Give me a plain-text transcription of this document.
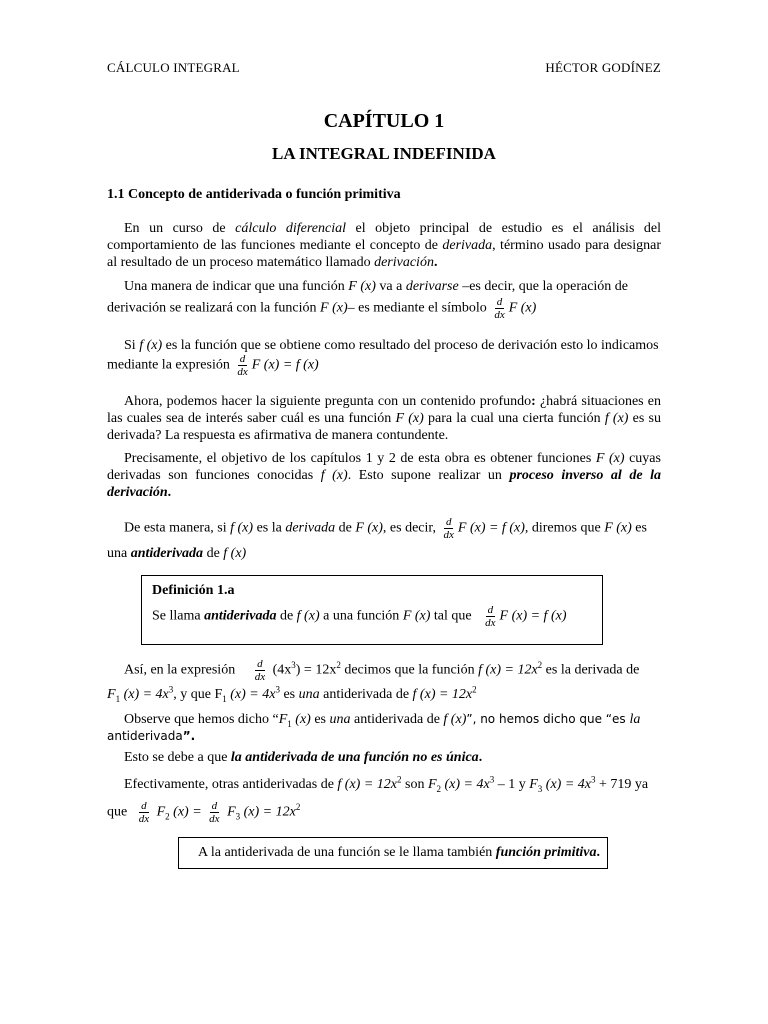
CÁLCULO INTEGRAL	HÉCTOR GODÍNEZ
CAPÍTULO 1
LA INTEGRAL INDEFINIDA
1.1 Concepto de antiderivada o función primitiva
En un curso de cálculo diferencial el objeto principal de estudio es el análisis del comportamiento de las funciones mediante el concepto de derivada, término usado para designar al resultado de un proceso matemático llamado derivación.
Una manera de indicar que una función F (x) va a derivarse –es decir, que la operación de
derivación se realizará con la función F (x)– es mediante el símbolo $\frac{d}{dx}$ F (x)
Si f (x) es la función que se obtiene como resultado del proceso de derivación esto lo indicamos
mediante la expresión $\frac{d}{dx}$ F (x) = f (x)
Ahora, podemos hacer la siguiente pregunta con un contenido profundo: ¿habrá situaciones en las cuales sea de interés saber cuál es una función F (x) para la cual una cierta función f (x) es su derivada? La respuesta es afirmativa de manera contundente.
Precisamente, el objetivo de los capítulos 1 y 2 de esta obra es obtener funciones F (x) cuyas derivadas son funciones conocidas f (x). Esto supone realizar un proceso inverso al de la derivación.
De esta manera, si f (x) es la derivada de F (x), es decir, $\frac{d}{dx}$ F (x) = f (x), diremos que F (x) es
una antiderivada de f (x)
Definición 1.a
Se llama antiderivada de f (x) a una función F (x) tal que $\frac{d}{dx}$ F (x) = f (x)
Así, en la expresión $\frac{d}{dx} (4x^3) = 12x^2$ decimos que la función f $(x) = 12x^2$ es la derivada de
$F_1$ $(x) = 4x^3$, y que $F_1$ $(x) = 4x^3$ es una antiderivada de f $(x) = 12x^2$
Observe que hemos dicho “$F_1$ (x) es una antiderivada de f (x)”, no hemos dicho que “es la
antiderivada”.
Esto se debe a que la antiderivada de una función no es única.
Efectivamente, otras antiderivadas de f $(x) = 12x^2$ son $F_2$ $(x) = 4x^3 - 1$ y $F_3$ $(x) = 4x^3 + 719$ ya
que $\frac{d}{dx} F_2$ $(x) = \frac{d}{dx} F_3$ $(x) = 12x^2$
A la antiderivada de una función se le llama también función primitiva.
